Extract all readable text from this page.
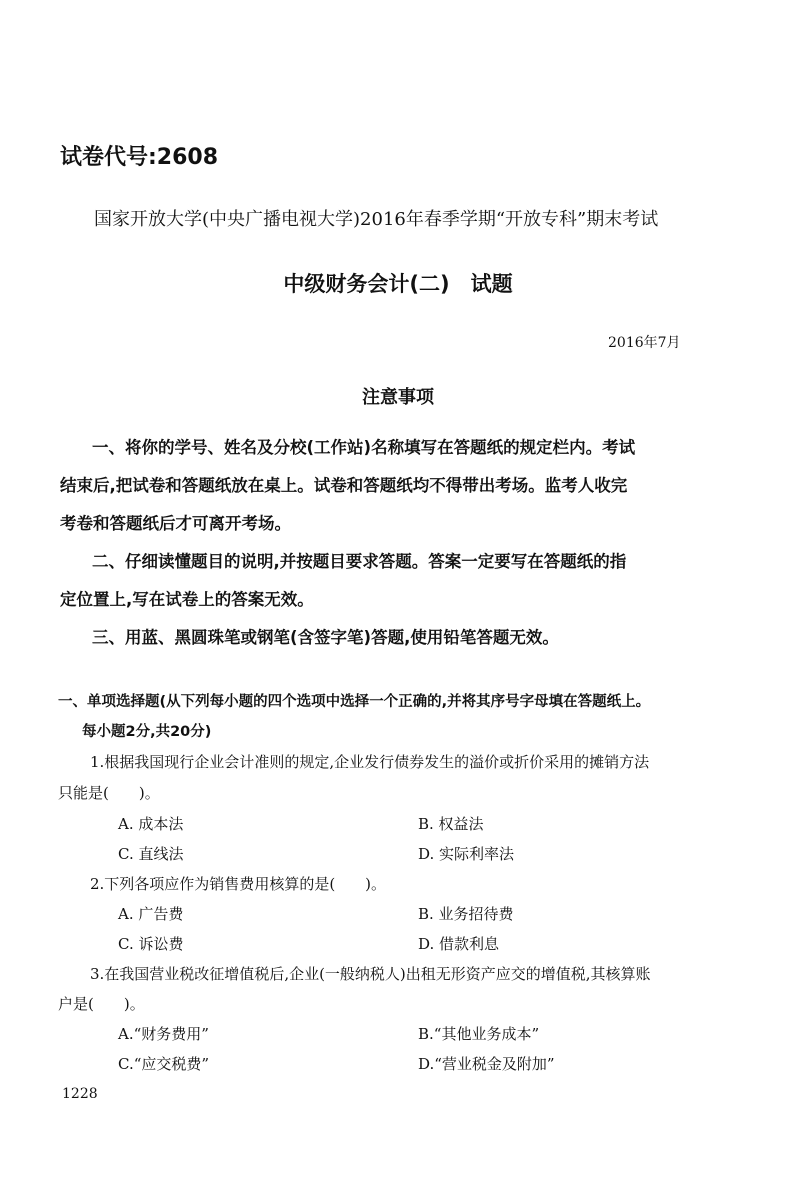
试卷代号:2608
国家开放大学(中央广播电视大学)2016年春季学期“开放专科”期末考试
中级财务会计(二)　试题
2016年7月
注意事项
一、将你的学号、姓名及分校(工作站)名称填写在答题纸的规定栏内。考试
结束后,把试卷和答题纸放在桌上。试卷和答题纸均不得带出考场。监考人收完
考卷和答题纸后才可离开考场。
二、仔细读懂题目的说明,并按题目要求答题。答案一定要写在答题纸的指
定位置上,写在试卷上的答案无效。
三、用蓝、黑圆珠笔或钢笔(含签字笔)答题,使用铅笔答题无效。
一、单项选择题(从下列每小题的四个选项中选择一个正确的,并将其序号字母填在答题纸上。
每小题2分,共20分)
1.根据我国现行企业会计准则的规定,企业发行债券发生的溢价或折价采用的摊销方法
只能是(　　)。
A. 成本法	B. 权益法
C. 直线法	D. 实际利率法
2.下列各项应作为销售费用核算的是(　　)。
A. 广告费	B. 业务招待费
C. 诉讼费	D. 借款利息
3.在我国营业税改征增值税后,企业(一般纳税人)出租无形资产应交的增值税,其核算账
户是(　　)。
A.“财务费用”	B.“其他业务成本”
C.“应交税费”	D.“营业税金及附加”
1228
